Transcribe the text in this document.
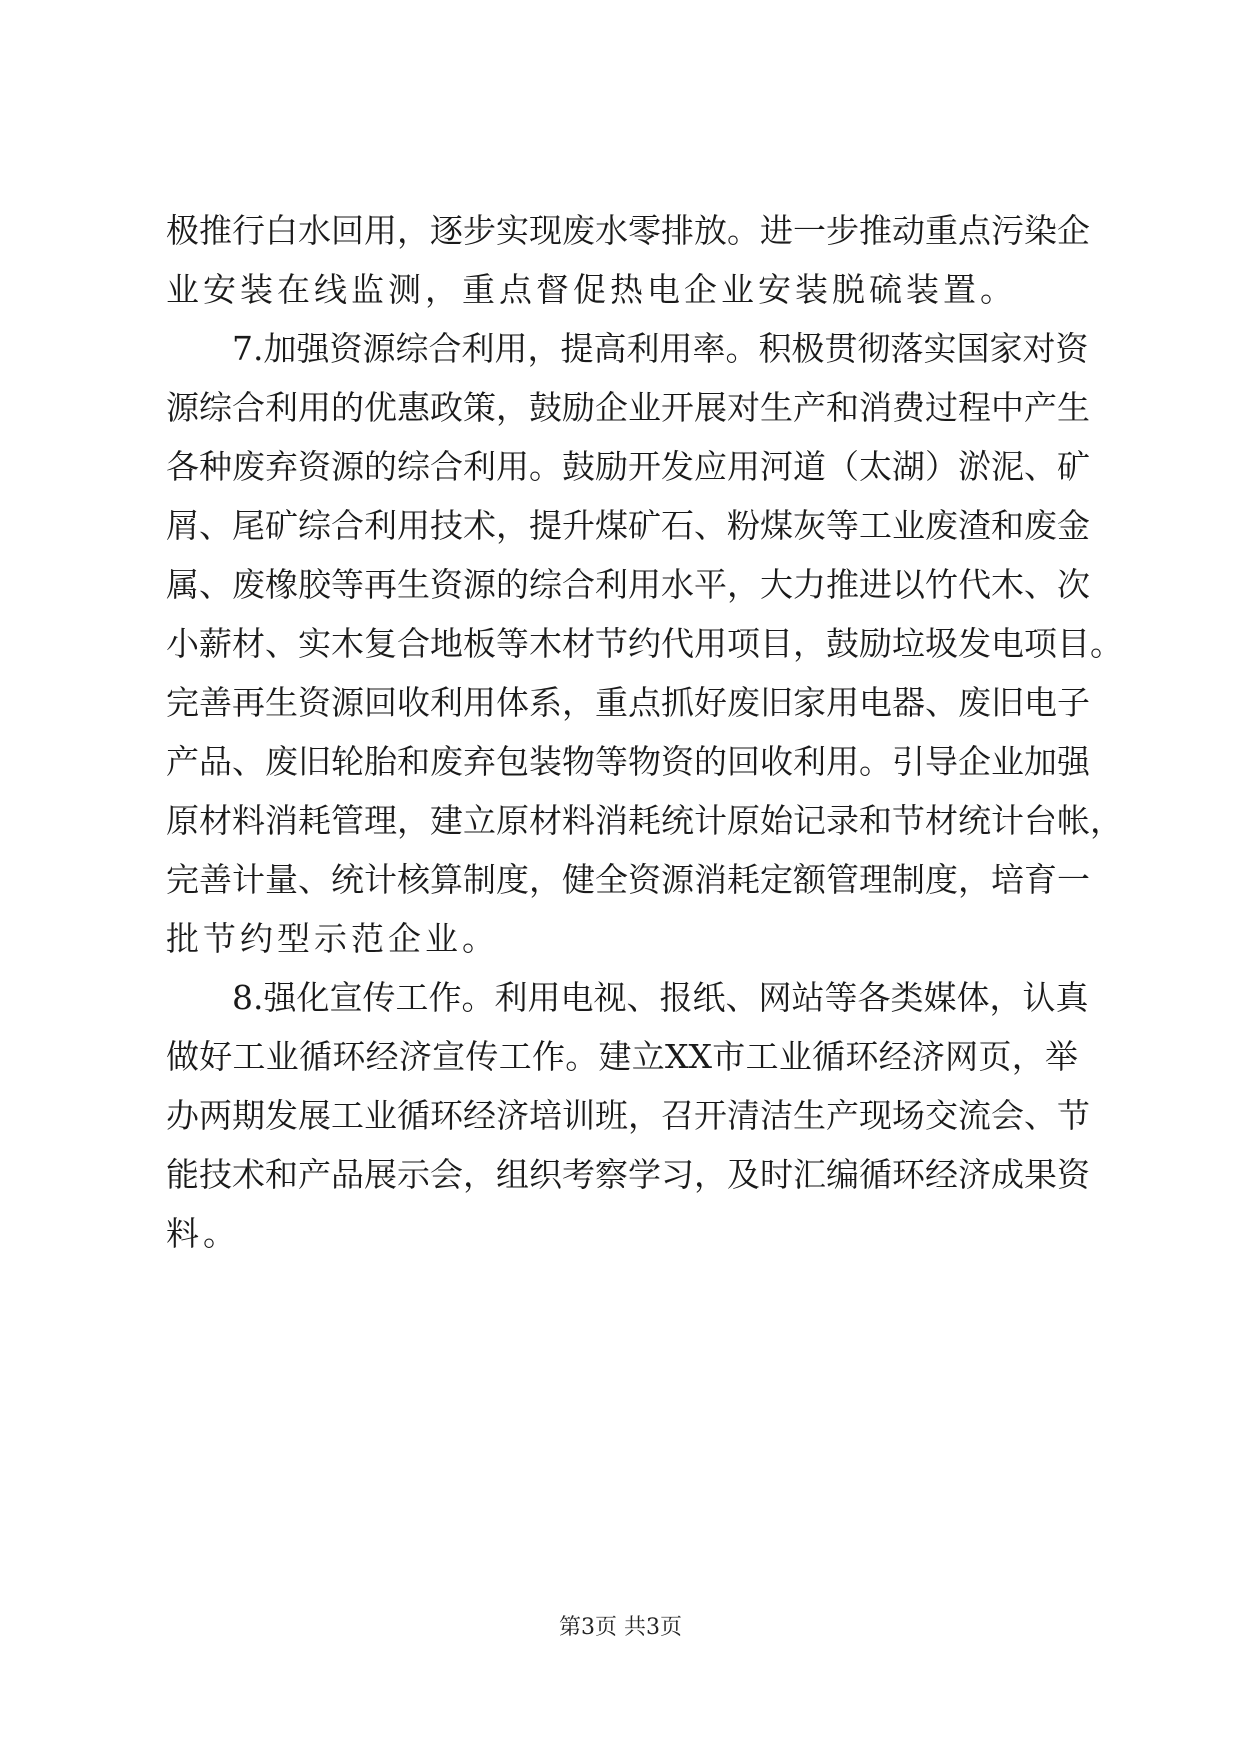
极推行白水回用，逐步实现废水零排放。进一步推动重点污染企
业安装在线监测，重点督促热电企业安装脱硫装置。
7.加强资源综合利用，提高利用率。积极贯彻落实国家对资
源综合利用的优惠政策，鼓励企业开展对生产和消费过程中产生
各种废弃资源的综合利用。鼓励开发应用河道（太湖）淤泥、矿
屑、尾矿综合利用技术，提升煤矿石、粉煤灰等工业废渣和废金
属、废橡胶等再生资源的综合利用水平，大力推进以竹代木、次
小薪材、实木复合地板等木材节约代用项目，鼓励垃圾发电项目。
完善再生资源回收利用体系，重点抓好废旧家用电器、废旧电子
产品、废旧轮胎和废弃包装物等物资的回收利用。引导企业加强
原材料消耗管理，建立原材料消耗统计原始记录和节材统计台帐，
完善计量、统计核算制度，健全资源消耗定额管理制度，培育一
批节约型示范企业。
8.强化宣传工作。利用电视、报纸、网站等各类媒体，认真
做好工业循环经济宣传工作。建立XX市工业循环经济网页，举
办两期发展工业循环经济培训班，召开清洁生产现场交流会、节
能技术和产品展示会，组织考察学习，及时汇编循环经济成果资
料。
第3页 共3页
